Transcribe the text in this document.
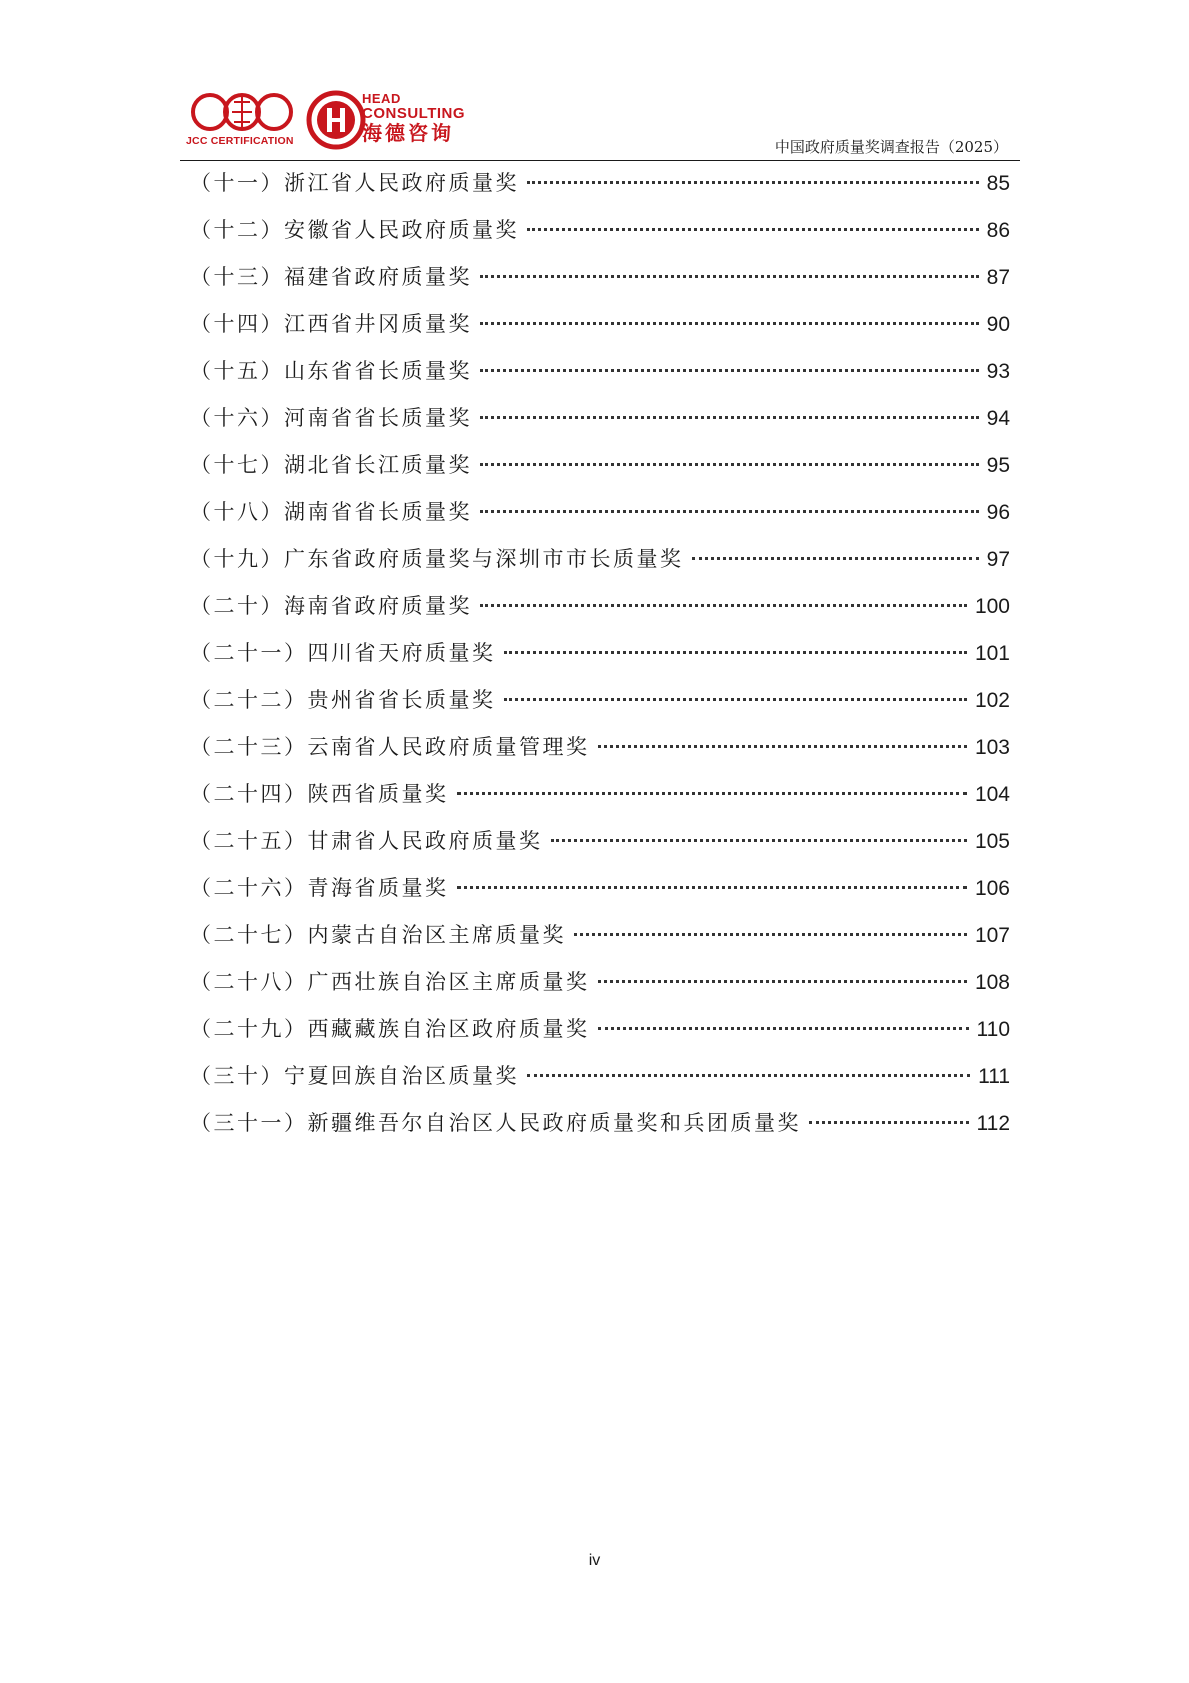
JCC CERTIFICATION
HEAD
CONSULTING
海德咨询
中国政府质量奖调查报告（2025）
（十一）浙江省人民政府质量奖	85
（十二）安徽省人民政府质量奖	86
（十三）福建省政府质量奖	87
（十四）江西省井冈质量奖	90
（十五）山东省省长质量奖	93
（十六）河南省省长质量奖	94
（十七）湖北省长江质量奖	95
（十八）湖南省省长质量奖	96
（十九）广东省政府质量奖与深圳市市长质量奖	97
（二十）海南省政府质量奖	100
（二十一）四川省天府质量奖	101
（二十二）贵州省省长质量奖	102
（二十三）云南省人民政府质量管理奖	103
（二十四）陕西省质量奖	104
（二十五）甘肃省人民政府质量奖	105
（二十六）青海省质量奖	106
（二十七）内蒙古自治区主席质量奖	107
（二十八）广西壮族自治区主席质量奖	108
（二十九）西藏藏族自治区政府质量奖	110
（三十）宁夏回族自治区质量奖	111
（三十一）新疆维吾尔自治区人民政府质量奖和兵团质量奖	112
iv
